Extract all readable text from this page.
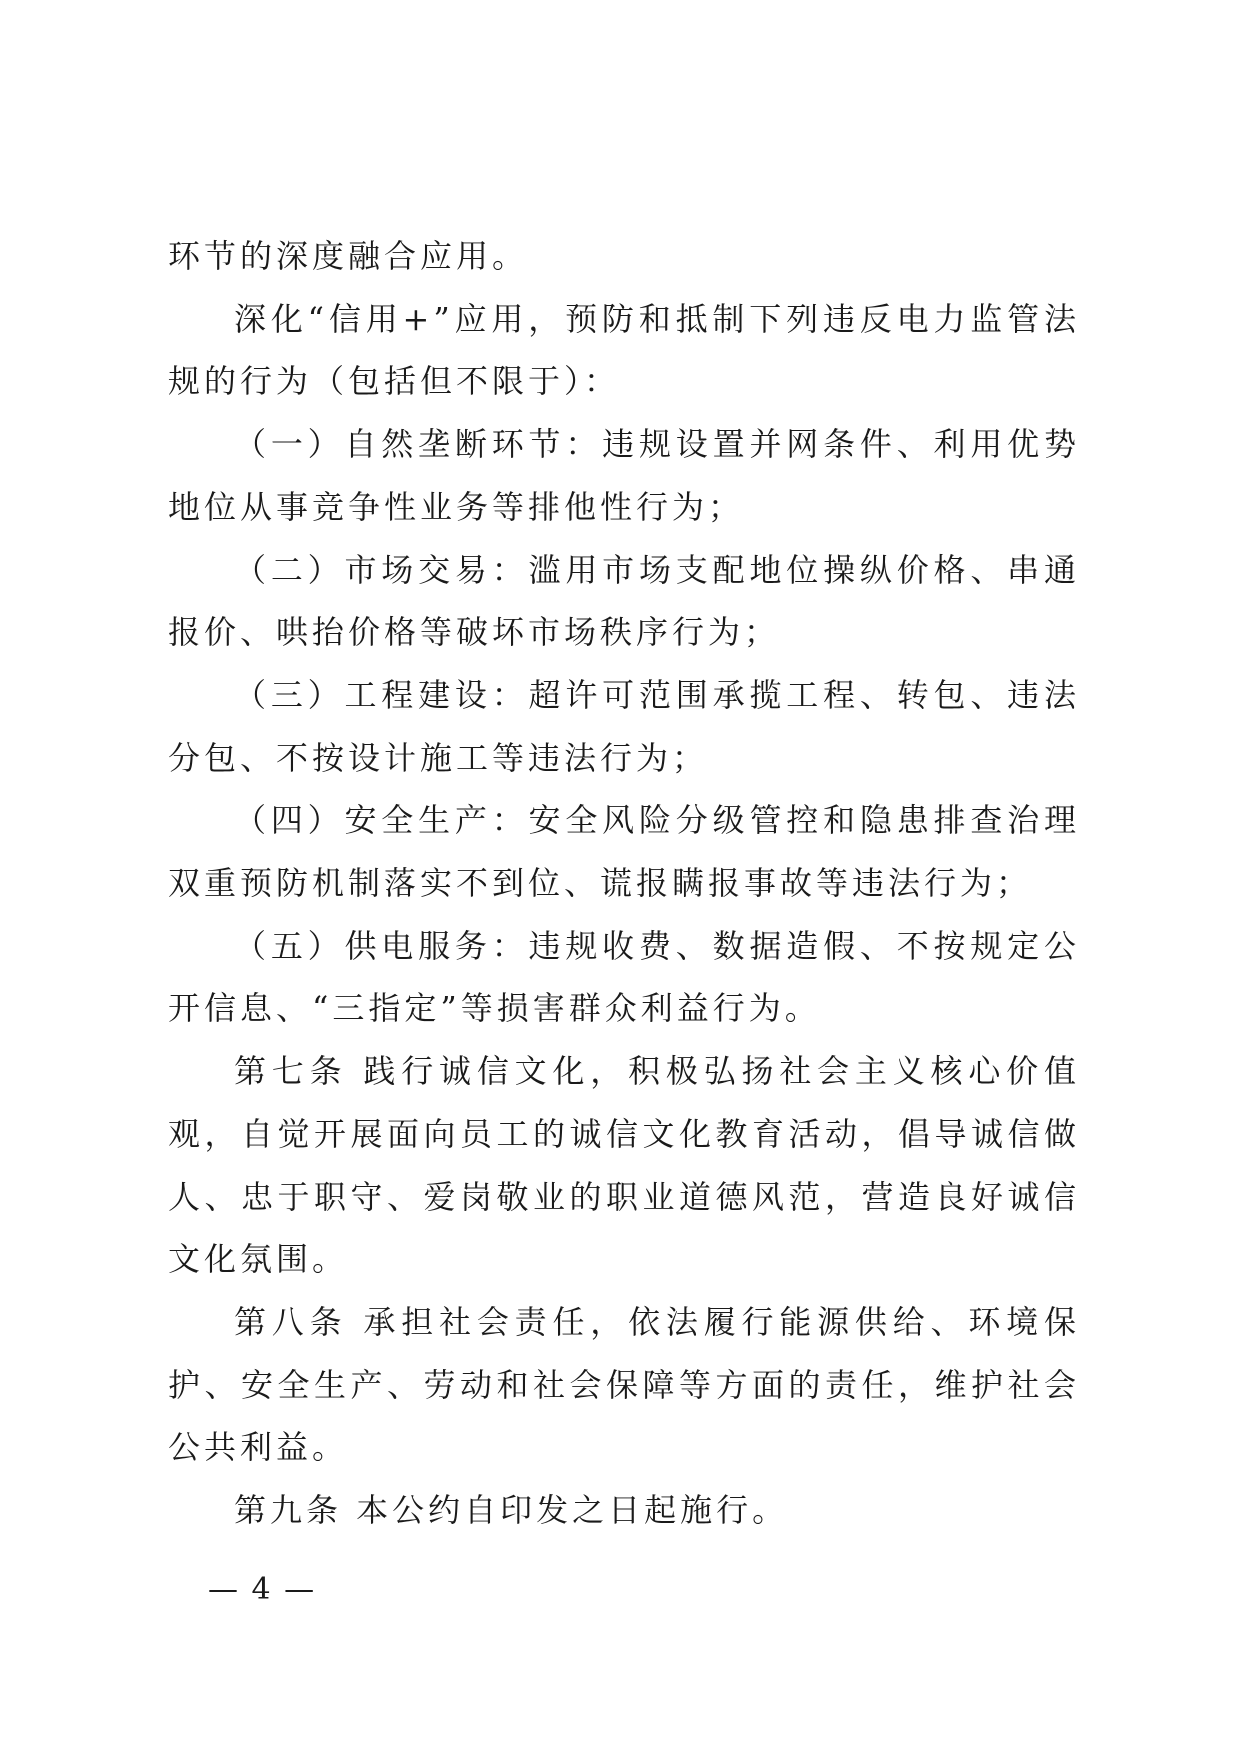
环节的深度融合应用。

深化“信用+”应用，预防和抵制下列违反电力监管法规的行为（包括但不限于）：

（一）自然垄断环节：违规设置并网条件、利用优势地位从事竞争性业务等排他性行为；

（二）市场交易：滥用市场支配地位操纵价格、串通报价、哄抬价格等破坏市场秩序行为；

（三）工程建设：超许可范围承揽工程、转包、违法分包、不按设计施工等违法行为；

（四）安全生产：安全风险分级管控和隐患排查治理双重预防机制落实不到位、谎报瞒报事故等违法行为；

（五）供电服务：违规收费、数据造假、不按规定公开信息、“三指定”等损害群众利益行为。

第七条 践行诚信文化，积极弘扬社会主义核心价值观，自觉开展面向员工的诚信文化教育活动，倡导诚信做人、忠于职守、爱岗敬业的职业道德风范，营造良好诚信文化氛围。

第八条 承担社会责任，依法履行能源供给、环境保护、安全生产、劳动和社会保障等方面的责任，维护社会公共利益。

第九条 本公约自印发之日起施行。

— 4 —
